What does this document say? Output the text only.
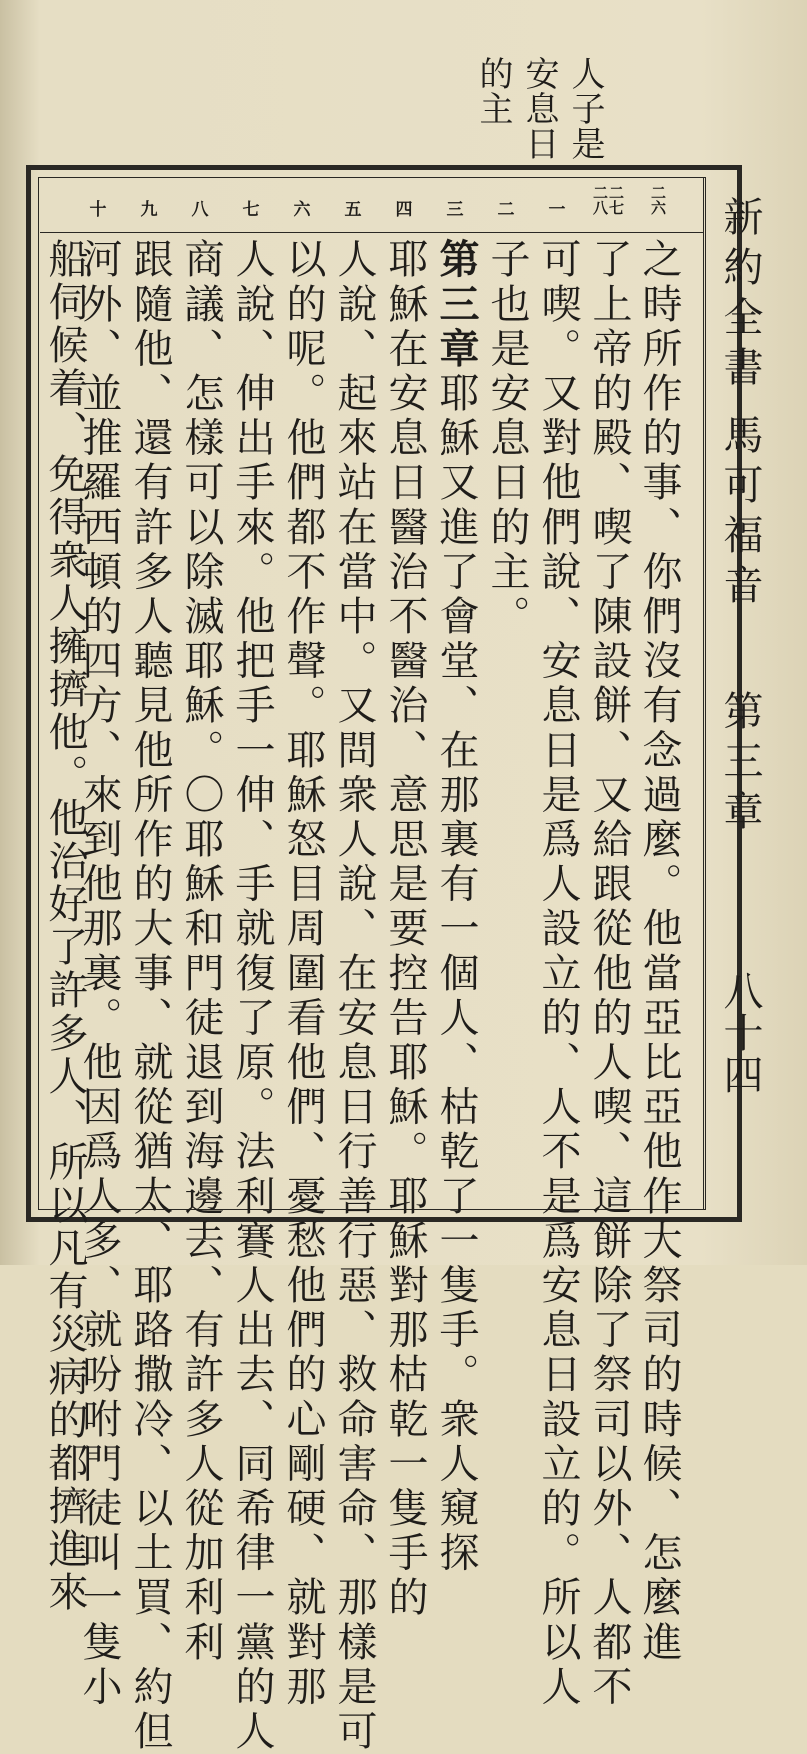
人子是
安息日
的主
二六
二七 二八
一
二
三
四
五
六
七
八
九
十
之時所作的事、你們沒有念過麼。他當亞比亞他作大祭司的時候、怎麼進
了上帝的殿、喫了陳設餅、又給跟從他的人喫、這餅除了祭司以外、人都不
可喫。又對他們說、安息日是爲人設立的、人不是爲安息日設立的。所以人
子也是安息日的主。
第三章耶穌又進了會堂、在那裏有一個人、枯乾了一隻手。衆人窺探
耶穌在安息日醫治不醫治、意思是要控告耶穌。耶穌對那枯乾一隻手的
人說、起來站在當中。又問衆人說、在安息日行善行惡、救命害命、那樣是可
以的呢。他們都不作聲。耶穌怒目周圍看他們、憂愁他們的心剛硬、就對那
人說、伸出手來。他把手一伸、手就復了原。法利賽人出去、同希律一黨的人
商議、怎樣可以除滅耶穌。〇耶穌和門徒退到海邊去、有許多人從加利利
跟隨他、還有許多人聽見他所作的大事、就從猶太、耶路撒冷、以土買、約但
河外、並推羅西頓的四方、來到他那裏。他因爲人多、就吩咐門徒叫一隻小
船伺候着、免得衆人擁擠他。他治好了許多人、所以凡有災病的都擠進來	新約全書
馬可福音
第三章
八十四
